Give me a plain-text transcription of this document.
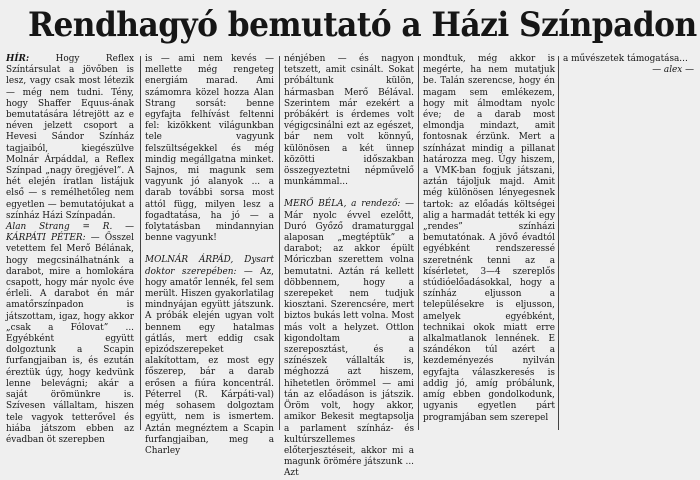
Rendhagyó bemutató a Házi Színpadon

HÍR:	Hogy Reflex Színtársulat a jövőben is lesz, vagy csak most létezik — még nem tudni. Tény, hogy Shaffer Equus-ának bemutatására létrejött az e néven jelzett csoport a Hevesi Sándor Színház tagjaiból, kiegészülve Molnár Árpáddal, a Reflex Színpad „nagy öregjével”. A hét elején íratlan listájuk első — s remélhetőleg nem egyetlen — bemutatójukat a színház Házi Színpadán.

Alan Strang = R. — KÁRPÁTI PÉTER: — Ősszel vetettem fel Merő Bélának, hogy megcsinálhatnánk a darabot, mire a homlokára csapott, hogy már nyolc éve érleli. A darabot én már amatőrszínpadon is játszottam, igaz, hogy akkor „csak a Fólovat” ... Egyébként együtt dolgoztunk a Scapin furfangjaiban is, és ezután éreztük úgy, hogy kedvünk lenne belevágni; akár a saját örömünkre is. Szívesen vállaltam, hiszen tele vagyok tetterővel és hiába játszom ebben az évadban öt szerepben

is — ami nem kevés — mellette még rengeteg energiám marad. Ami számomra közel hozza Alan Strang sorsát: benne egyfajta felhívást feltenni fel: kizökkent világunkban tele vagyunk felszültségekkel és még mindig megállgatna minket. Sajnos, mi magunk sem vagyunk jó alanyok ... a darab további sorsa most attól függ, milyen lesz a fogadtatása, ha jó — a folytatásban mindannyian benne vagyunk!

MOLNÁR ÁRPÁD, Dysart doktor szerepében: — Az, hogy amatőr lennék, fel sem merült. Hiszen gyakorlatilag mindnyájan együtt játszunk. A próbák elején ugyan volt bennem egy hatalmas gátlás, mert eddig csak epizódszerepeket alakítottam, ez most egy főszerep, bár a darab erősen a fiúra koncentrál. Péterrel (R. Kárpáti-val) még sohasem dolgoztam együtt, nem is ismertem. Aztán megnéztem a Scapin furfangjaiban, meg a Charley

nénjében — és nagyon tetszett, amit csinált. Sokat próbáltunk külön, hármasban Merő Bélával. Szerintem már ezekért a próbákért is érdemes volt végigcsinálni ezt az egészet, bár nem volt könnyű, különösen a két ünnep közötti időszakban összegyeztetni népművelő munkámmal...

MERŐ BÉLA, a rendező: — Már nyolc évvel ezelőtt, Duró Győző dramaturggal alaposan „megtéptük” a darabot; az akkor épült Móriczban szerettem volna bemutatni. Aztán rá kellett döbbennem, hogy a szerepeket nem tudjuk kiosztani. Szerencsére, mert biztos bukás lett volna. Most más volt a helyzet. Ottlon kigondoltam a szereposztást, és a színészek vállalták is, méghozzá azt hiszem, hihetetlen örömmel — ami tán az előadáson is játszik. Öröm volt, hogy akkor, amikor Bekesit megtapsolja a parlament színház- és kultúrszellemes előterjesztéseit, akkor mi a magunk örömére játszunk ... Azt

mondtuk, még akkor is megérte, ha nem mutatjuk be. Talán szerencse, hogy én magam sem emlékezem, hogy mit álmodtam nyolc éve; de a darab most elmondja mindazt, amit fontosnak érzünk. Mert a színházat mindig a pillanat határozza meg. Úgy hiszem, a VMK-ban fogjuk játszani, aztán tájoljuk majd. Amit még különösen lényegesnek tartok: az előadás költségei alig a harmadát tették ki egy „rendes” színházi bemutatónak. A jövő évadtól egyébként rendszeressé szeretnénk tenni az a kísérletet, 3—4 szereplős stúdióelőadásokkal, hogy a színház eljusson a településekre is eljusson, amelyek egyébként, technikai okok miatt erre alkalmatlanok lennének. E szándékon túl azért a kezdeményezés nyilván egyfajta válaszkeresés is addig jó, amíg próbálunk, amíg ebben gondolkodunk, ugyanis egyetlen párt programjában sem szerepel

a művészetek támogatása...

— alex —
